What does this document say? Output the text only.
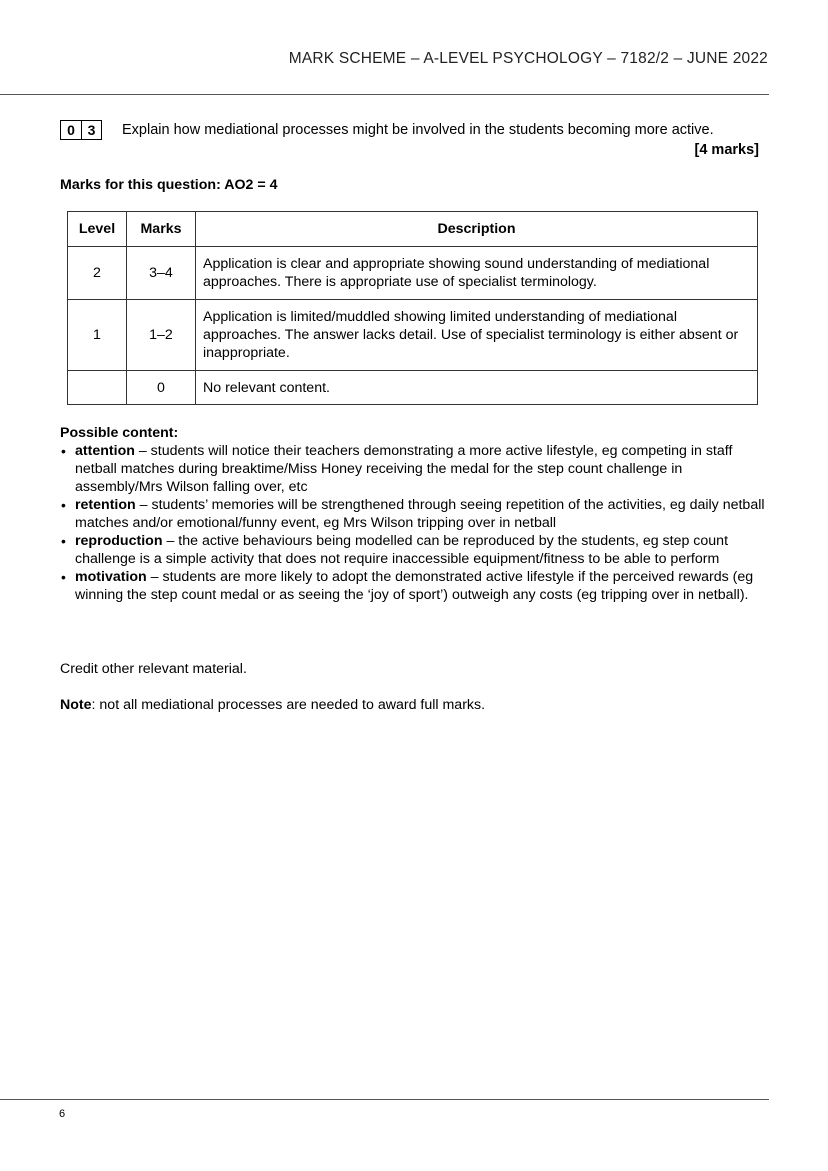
MARK SCHEME – A-LEVEL PSYCHOLOGY – 7182/2 – JUNE 2022
0 3	Explain how mediational processes might be involved in the students becoming more active.
[4 marks]
Marks for this question: AO2 = 4
Level	Marks	Description
2	3–4	Application is clear and appropriate showing sound understanding of mediational approaches. There is appropriate use of specialist terminology.
1	1–2	Application is limited/muddled showing limited understanding of mediational approaches. The answer lacks detail. Use of specialist terminology is either absent or inappropriate.
	0	No relevant content.
Possible content:
• attention – students will notice their teachers demonstrating a more active lifestyle, eg competing in staff netball matches during breaktime/Miss Honey receiving the medal for the step count challenge in assembly/Mrs Wilson falling over, etc
• retention – students’ memories will be strengthened through seeing repetition of the activities, eg daily netball matches and/or emotional/funny event, eg Mrs Wilson tripping over in netball
• reproduction – the active behaviours being modelled can be reproduced by the students, eg step count challenge is a simple activity that does not require inaccessible equipment/fitness to be able to perform
• motivation – students are more likely to adopt the demonstrated active lifestyle if the perceived rewards (eg winning the step count medal or as seeing the ‘joy of sport’) outweigh any costs (eg tripping over in netball).
Credit other relevant material.
Note: not all mediational processes are needed to award full marks.
6
